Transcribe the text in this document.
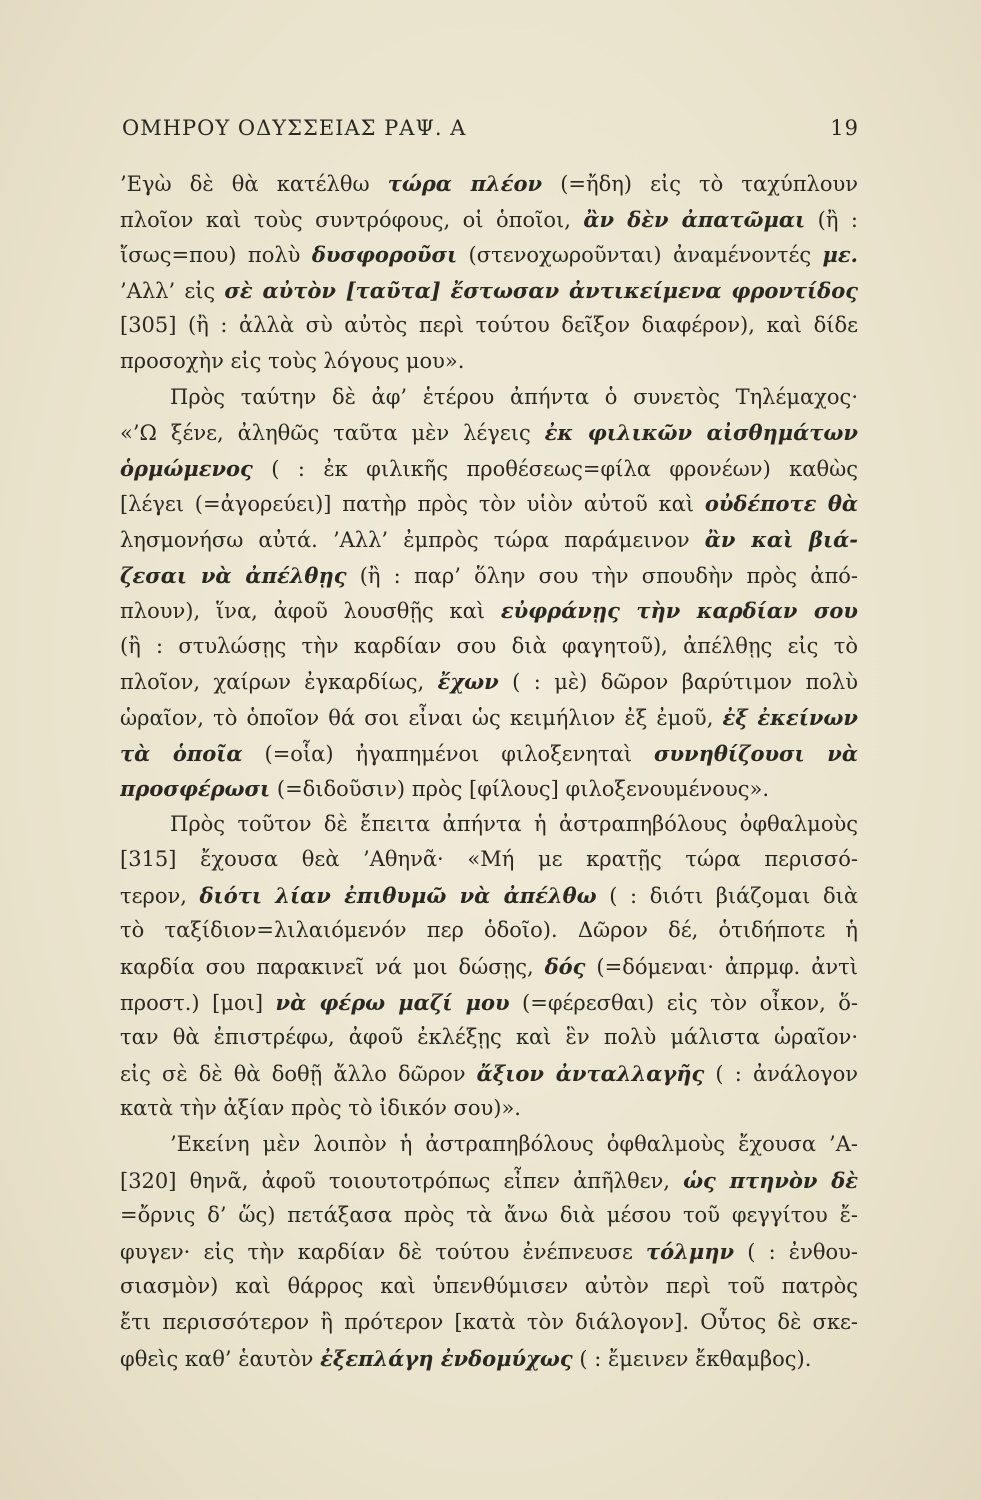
ΟΜΗΡΟΥ ΟΔΥΣΣΕΙΑΣ ΡΑΨ. Α	19
’Εγὼ δὲ θὰ κατέλθω τώρα πλέον (=ἤδη) εἰς τὸ ταχύπλουν
πλοῖον καὶ τοὺς συντρόφους, οἱ ὁποῖοι, ἂν δὲν ἀπατῶμαι (ἢ :
ἴσως=που) πολὺ δυσφοροῦσι (στενοχωροῦνται) ἀναμένοντές με.
’Αλλ’ εἰς σὲ αὐτὸν [ταῦτα] ἔστωσαν ἀντικείμενα φροντίδος
[305] (ἢ : ἀλλὰ σὺ αὐτὸς περὶ τούτου δεῖξον διαφέρον), καὶ δίδε
προσοχὴν εἰς τοὺς λόγους μου».
Πρὸς ταύτην δὲ ἀφ’ ἑτέρου ἀπήντα ὁ συνετὸς Τηλέμαχος·
«’Ω ξένε, ἀληθῶς ταῦτα μὲν λέγεις ἐκ φιλικῶν αἰσθημάτων
ὁρμώμενος ( : ἐκ φιλικῆς προθέσεως=φίλα φρονέων) καθὼς
[λέγει (=ἀγορεύει)] πατὴρ πρὸς τὸν υἱὸν αὐτοῦ καὶ οὐδέποτε θὰ
λησμονήσω αὐτά. ’Αλλ’ ἐμπρὸς τώρα παράμεινον ἂν καὶ βιά-
ζεσαι νὰ ἀπέλθῃς (ἢ : παρ’ ὅλην σου τὴν σπουδὴν πρὸς ἀπό-
πλουν), ἵνα, ἀφοῦ λουσθῇς καὶ εὐφράνῃς τὴν καρδίαν σου
(ἢ : στυλώσῃς τὴν καρδίαν σου διὰ φαγητοῦ), ἀπέλθῃς εἰς τὸ
πλοῖον, χαίρων ἐγκαρδίως, ἔχων ( : μὲ) δῶρον βαρύτιμον πολὺ
ὡραῖον, τὸ ὁποῖον θά σοι εἶναι ὡς κειμήλιον ἐξ ἐμοῦ, ἐξ ἐκείνων
τὰ ὁποῖα (=οἷα) ἠγαπημένοι φιλοξενηταὶ συνηθίζουσι νὰ
προσφέρωσι (=διδοῦσιν) πρὸς [φίλους] φιλοξενουμένους».
Πρὸς τοῦτον δὲ ἔπειτα ἀπήντα ἡ ἀστραπηβόλους ὀφθαλμοὺς
[315] ἔχουσα θεὰ ’Αθηνᾶ· «Μή με κρατῇς τώρα περισσό-
τερον, διότι λίαν ἐπιθυμῶ νὰ ἀπέλθω ( : διότι βιάζομαι διὰ
τὸ ταξίδιον=λιλαιόμενόν περ ὁδοῖο). Δῶρον δέ, ὁτιδήποτε ἡ
καρδία σου παρακινεῖ νά μοι δώσῃς, δός (=δόμεναι· ἀπρμφ. ἀντὶ
προστ.) [μοι] νὰ φέρω μαζί μου (=φέρεσθαι) εἰς τὸν οἶκον, ὅ-
ταν θὰ ἐπιστρέφω, ἀφοῦ ἐκλέξῃς καὶ ἓν πολὺ μάλιστα ὡραῖον·
εἰς σὲ δὲ θὰ δοθῇ ἄλλο δῶρον ἄξιον ἀνταλλαγῆς ( : ἀνάλογον
κατὰ τὴν ἀξίαν πρὸς τὸ ἰδικόν σου)».
’Εκείνη μὲν λοιπὸν ἡ ἀστραπηβόλους ὀφθαλμοὺς ἔχουσα ’Α-
[320] θηνᾶ, ἀφοῦ τοιουτοτρόπως εἶπεν ἀπῆλθεν, ὡς πτηνὸν δὲ
=ὄρνις δ’ ὥς) πετάξασα πρὸς τὰ ἄνω διὰ μέσου τοῦ φεγγίτου ἔ-
φυγεν· εἰς τὴν καρδίαν δὲ τούτου ἐνέπνευσε τόλμην ( : ἐνθου-
σιασμὸν) καὶ θάρρος καὶ ὑπενθύμισεν αὐτὸν περὶ τοῦ πατρὸς
ἔτι περισσότερον ἢ πρότερον [κατὰ τὸν διάλογον]. Οὗτος δὲ σκε-
φθεὶς καθ’ ἑαυτὸν ἐξεπλάγη ἐνδομύχως ( : ἔμεινεν ἔκθαμβος).
